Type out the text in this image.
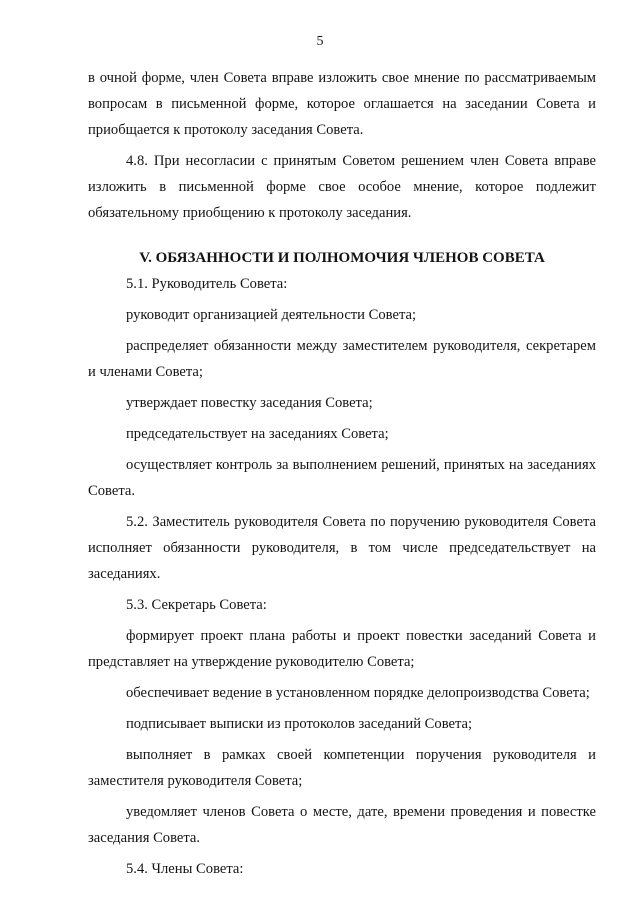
5
в очной форме, член Совета вправе изложить свое мнение по рассматриваемым вопросам в письменной форме, которое оглашается на заседании Совета и приобщается к протоколу заседания Совета.
4.8. При несогласии с принятым Советом решением член Совета вправе изложить в письменной форме свое особое мнение, которое подлежит обязательному приобщению к протоколу заседания.
V. ОБЯЗАННОСТИ И ПОЛНОМОЧИЯ ЧЛЕНОВ СОВЕТА
5.1. Руководитель Совета:
руководит организацией деятельности Совета;
распределяет обязанности между заместителем руководителя, секретарем и членами Совета;
утверждает повестку заседания Совета;
председательствует на заседаниях Совета;
осуществляет контроль за выполнением решений, принятых на заседаниях Совета.
5.2. Заместитель руководителя Совета по поручению руководителя Совета исполняет обязанности руководителя, в том числе председательствует на заседаниях.
5.3. Секретарь Совета:
формирует проект плана работы и проект повестки заседаний Совета и представляет на утверждение руководителю Совета;
обеспечивает ведение в установленном порядке делопроизводства Совета;
подписывает выписки из протоколов заседаний Совета;
выполняет в рамках своей компетенции поручения руководителя и заместителя руководителя Совета;
уведомляет членов Совета о месте, дате, времени проведения и повестке заседания Совета.
5.4. Члены Совета:
